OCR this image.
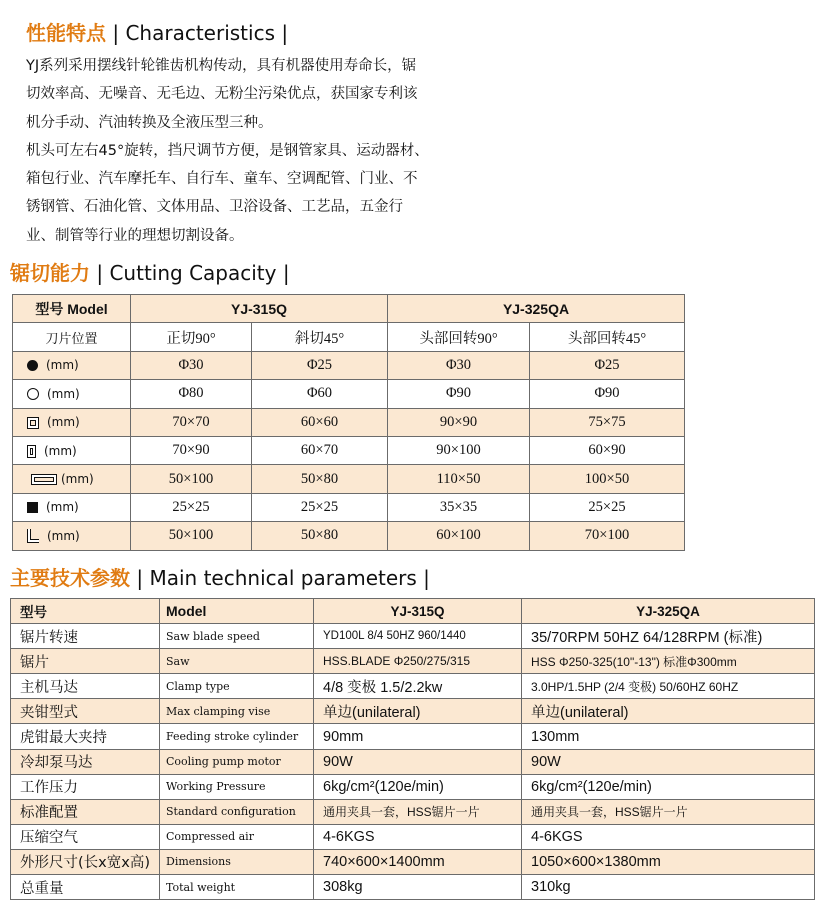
性能特点 | Characteristics |

YJ系列采用摆线针轮锥齿机构传动，具有机器使用寿命长，锯

切效率高、无噪音、无毛边、无粉尘污染优点，获国家专利该

机分手动、汽油转换及全液压型三种。

机头可左右45°旋转，挡尺调节方便，是钢管家具、运动器材、

箱包行业、汽车摩托车、自行车、童车、空调配管、门业、不

锈钢管、石油化管、文体用品、卫浴设备、工艺品，五金行

业、制管等行业的理想切割设备。

锯切能力 | Cutting Capacity |
型号 Model	YJ-315Q		YJ-325QA	
刀片位置	正切90°	斜切45°	头部回转90°	头部回转45°
(mm)	Φ30	Φ25	Φ30	Φ25
(mm)	Φ80	Φ60	Φ90	Φ90
(mm)	70×70	60×60	90×90	75×75
(mm)	70×90	60×70	90×100	60×90
(mm)	50×100	50×80	110×50	100×50
(mm)	25×25	25×25	35×35	25×25
(mm)	50×100	50×80	60×100	70×100
主要技术参数 | Main technical parameters |
型号	Model	YJ-315Q	YJ-325QA
锯片转速	Saw blade speed	YD100L 8/4 50HZ 960/1440	35/70RPM 50HZ 64/128RPM (标准)
锯片	Saw	HSS.BLADE Φ250/275/315	HSS Φ250-325(10"-13") 标准Φ300mm
主机马达	Clamp type	4/8 变极 1.5/2.2kw	3.0HP/1.5HP (2/4 变极) 50/60HZ 60HZ
夹钳型式	Max clamping vise	单边(unilateral)	单边(unilateral)
虎钳最大夹持	Feeding stroke cylinder	90mm	130mm
冷却泵马达	Cooling pump motor	90W	90W
工作压力	Working Pressure	6kg/cm²(120e/min)	6kg/cm²(120e/min)
标准配置	Standard configuration	通用夹具一套，HSS锯片一片	通用夹具一套，HSS锯片一片
压缩空气	Compressed air	4-6KGS	4-6KGS
外形尺寸(长x宽x高)	Dimensions	740×600×1400mm	1050×600×1380mm
总重量	Total weight	308kg	310kg
